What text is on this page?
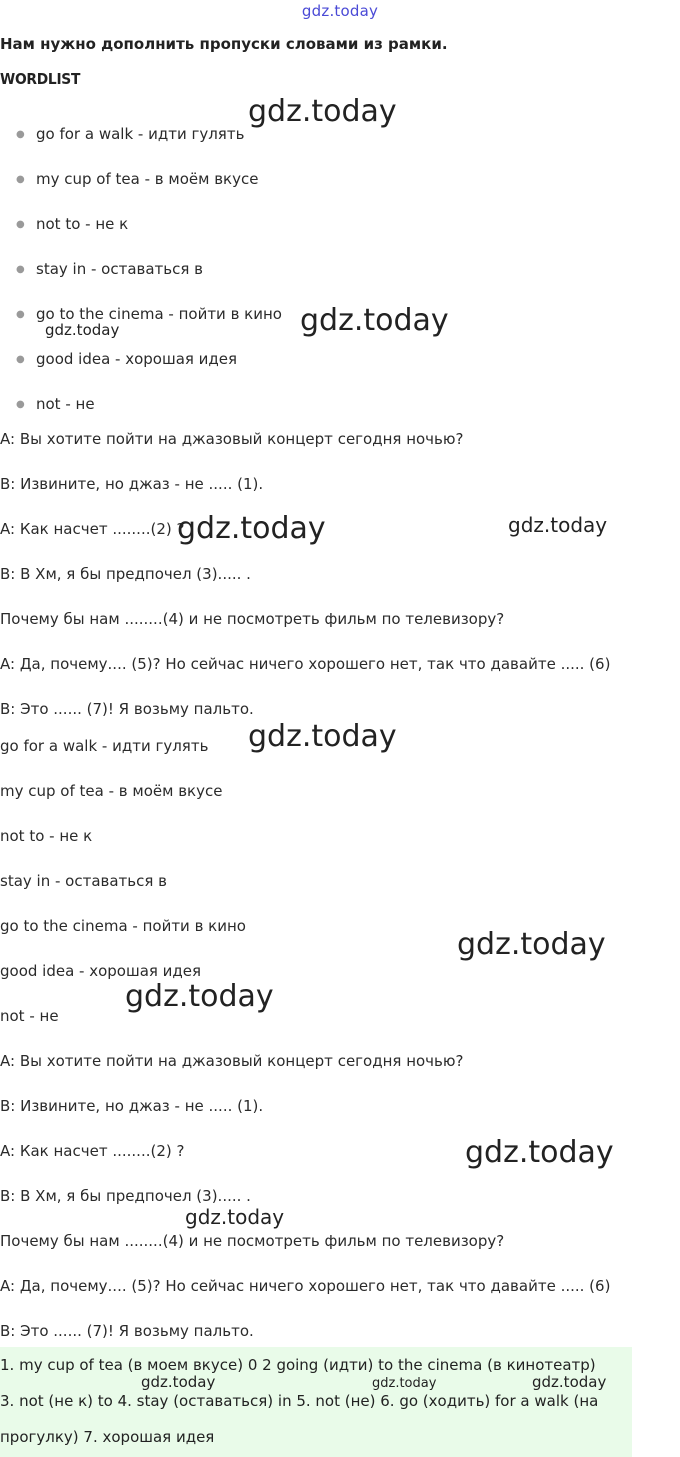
gdz.today
Нам нужно дополнить пропуски словами из рамки.
WORDLIST
● go for a walk - идти гулять
● my cup of tea - в моём вкусе
● not to - не к
● stay in - оставаться в
● go to the cinema - пойти в кино
● good idea - хорошая идея
● not - не
A: Вы хотите пойти на джазовый концерт сегодня ночью?
B: Извините, но джаз - не ..... (1).
A: Как насчет ........(2) ?
B: В Хм, я бы предпочел (3)..... .
Почему бы нам ........(4) и не посмотреть фильм по телевизору?
A: Да, почему.... (5)? Но сейчас ничего хорошего нет, так что давайте ..... (6)
B: Это ...... (7)! Я возьму пальто.
go for a walk - идти гулять
my cup of tea - в моём вкусе
not to - не к
stay in - оставаться в
go to the cinema - пойти в кино
good idea - хорошая идея
not - не
A: Вы хотите пойти на джазовый концерт сегодня ночью?
B: Извините, но джаз - не ..... (1).
A: Как насчет ........(2) ?
B: В Хм, я бы предпочел (3)..... .
Почему бы нам ........(4) и не посмотреть фильм по телевизору?
A: Да, почему.... (5)? Но сейчас ничего хорошего нет, так что давайте ..... (6)
B: Это ...... (7)! Я возьму пальто.
1. my cup of tea (в моем вкусе) 0 2 going (идти) to the cinema (в кинотеатр)
3. not (не к) to 4. stay (оставаться) in 5. not (не) 6. go (ходить) for a walk (на
прогулку) 7. хорошая идея
gdz.today
gdz.today
gdz.today
gdz.today	gdz.today
gdz.today
gdz.today
gdz.today
gdz.today
gdz.today
gdz.today	gdz.today	gdz.today
